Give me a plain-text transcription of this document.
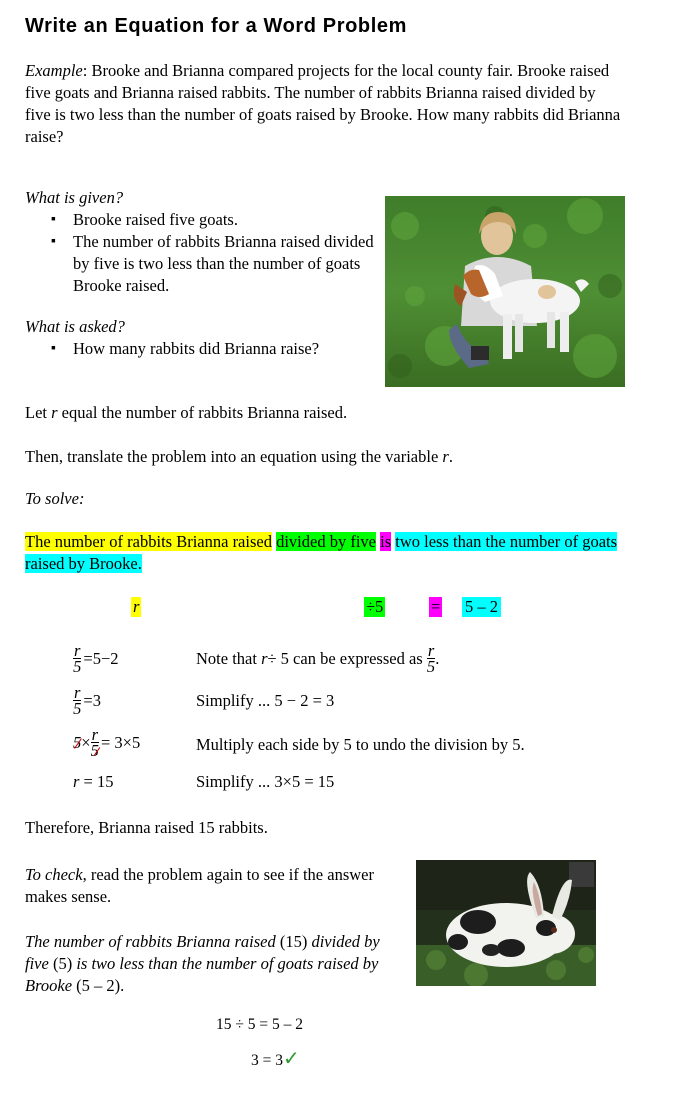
Write an Equation for a Word Problem

Example: Brooke and Brianna compared projects for the local county fair. Brooke raised five goats and Brianna raised rabbits. The number of rabbits Brianna raised divided by five is two less than the number of goats raised by Brooke. How many rabbits did Brianna raise?

What is given?

▪ Brooke raised five goats.
▪ The number of rabbits Brianna raised divided by five is two less than the number of goats Brooke raised.

What is asked?

▪ How many rabbits did Brianna raise?

Let r equal the number of rabbits Brianna raised.

Then, translate the problem into an equation using the variable r.

To solve:

The number of rabbits Brianna raised divided by five is two less than the number of goats raised by Brooke.

r	÷5	= 5 – 2
$\frac{r}{5} =5-2$	Note that
r ÷ 5 can be expressed as
$\frac{r}{5}$ .
$\frac{r}{5} =3$	Simplify ... 5 − 2 = 3

$5 \times \frac{r}{5} = 3\times 5$	Multiply each side by 5 to undo the division by 5.

r = 15	Simplify ... 3×5 = 15

Therefore, Brianna raised 15 rabbits.

To check, read the problem again to see if the answer makes sense.

The number of rabbits Brianna raised (15) divided by five (5) is two less than the number of goats raised by Brooke (5 – 2).

15 ÷ 5 = 5 – 2

3 = 3✓
